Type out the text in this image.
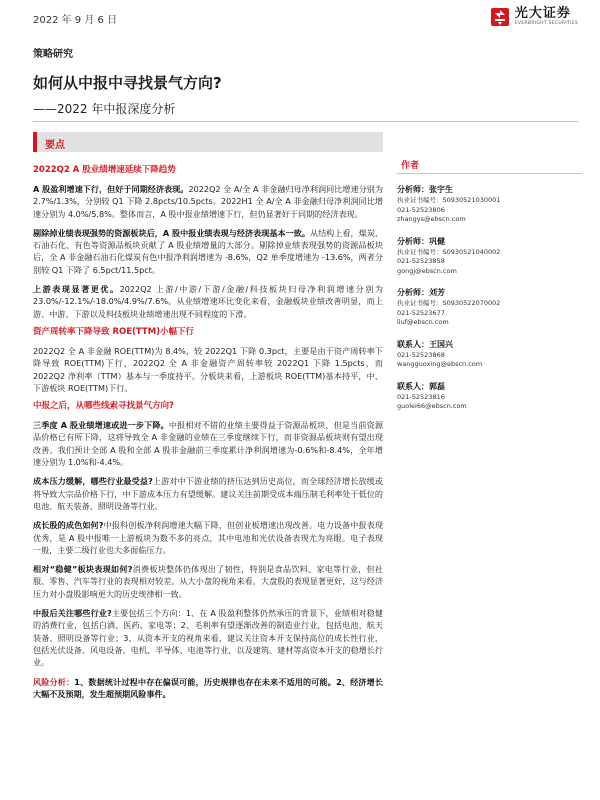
2022 年 9 月 6 日	光大证券
EVERBRIGHT SECURITIES
策略研究
如何从中报中寻找景气方向?
——2022 年中报深度分析
要点
2022Q2 A 股业绩增速延续下降趋势

A 股盈利增速下行，但好于同期经济表现。2022Q2 全 A/全 A 非金融归母净利润同比增速分别为 2.7%/1.3%，分别较 Q1 下降 2.8pcts/10.5pcts。2022H1 全 A/全 A 非金融归母净利润同比增速分别为 4.0%/5.8%。整体而言，A 股中报业绩增速下行，但仍显著好于同期的经济表现。

剔除掉业绩表现强势的资源板块后，A 股中报业绩表现与经济表现基本一致。从结构上看，煤炭、石油石化、有色等资源品板块贡献了 A 股业绩增量的大部分。剔除掉业绩表现强势的资源品板块后，全 A 非金融石油石化煤炭有色中报净利润增速为 -8.6%，Q2 单季度增速为 -13.6%，两者分别较 Q1 下降了 6.5pct/11.5pct。

上游表现显著更优。2022Q2 上游/中游/下游/金融/科技板块归母净利润增速分别为 23.0%/-12.1%/-18.0%/4.9%/7.6%。从业绩增速环比变化来看，金融板块业绩改善明显，而上游、中游、下游以及科技板块业绩增速出现不同程度的下滑。

资产周转率下降导致 ROE(TTM)小幅下行

2022Q2 全 A 非金融 ROE(TTM)为 8.4%，较 2022Q1 下降 0.3pct，主要是由于资产周转率下降导致 ROE(TTM)下行，2022Q2 全 A 非金融资产周转率较 2022Q1 下降 1.5pcts，而 2022Q2 净利率（TTM）基本与一季度持平。分板块来看，上游板块 ROE(TTM)基本持平，中、下游板块 ROE(TTM)下行。

中报之后，从哪些线索寻找景气方向?

三季度 A 股业绩增速或进一步下降。中报相对不错的业绩主要得益于资源品板块，但是当前资源品价格已有所下降，这将导致全 A 非金融的业绩在三季度继续下行，而非资源品板块则有望出现改善。我们预计全部 A 股和全部 A 股非金融前三季度累计净利润增速为-0.6%和-8.4%，全年增速分别为 1.0%和-4.4%。

成本压力缓解，哪些行业最受益?上游对中下游业绩的挤压达到历史高位，而全球经济增长放缓或将导致大宗品价格下行，中下游成本压力有望缓解。建议关注前期受成本端压制毛利率处于低位的电池、航天装备、照明设备等行业。

成长股的成色如何?中报科创板净利润增速大幅下降，但创业板增速出现改善。电力设备中报表现优秀，是 A 股中报唯一上游板块为数不多的亮点，其中电池和光伏设备表现尤为亮眼。电子表现一般，主要二级行业也大多面临压力。

相对“稳健”板块表现如何?消费板块整体仍体现出了韧性，特别是食品饮料、家电等行业，但社服、零售、汽车等行业的表现相对较差。从大小盘的视角来看，大盘股的表现显著更好，这与经济压力对小盘股影响更大的历史规律相一致。

中报后关注哪些行业?主要包括三个方向：1、在 A 股盈利整体仍然承压的背景下，业绩相对稳健的消费行业，包括白酒、医药、家电等；2、毛利率有望逐渐改善的制造业行业，包括电池、航天装备、照明设备等行业；3、从资本开支的视角来看，建议关注资本开支保持高位的成长性行业，包括光伏设备、风电设备、电机、半导体、电池等行业，以及建筑、建材等高资本开支的稳增长行业。

风险分析：1、数据统计过程中存在偏误可能，历史规律也存在未来不适用的可能。2、经济增长大幅不及预期，发生超预期风险事件。

作者
分析师：张宇生
执业证书编号：S0930521030001
021-52523806
zhangys@ebscn.com
分析师：巩健
执业证书编号：S0930521040002
021-52523858
gongj@ebscn.com
分析师：刘芳
执业证书编号：S0930522070002
021-52523677
liuf@ebscn.com
联系人：王国兴
021-52523868
wangguoxing@ebscn.com
联系人：郭磊
021-52523816
guolei66@ebscn.com
